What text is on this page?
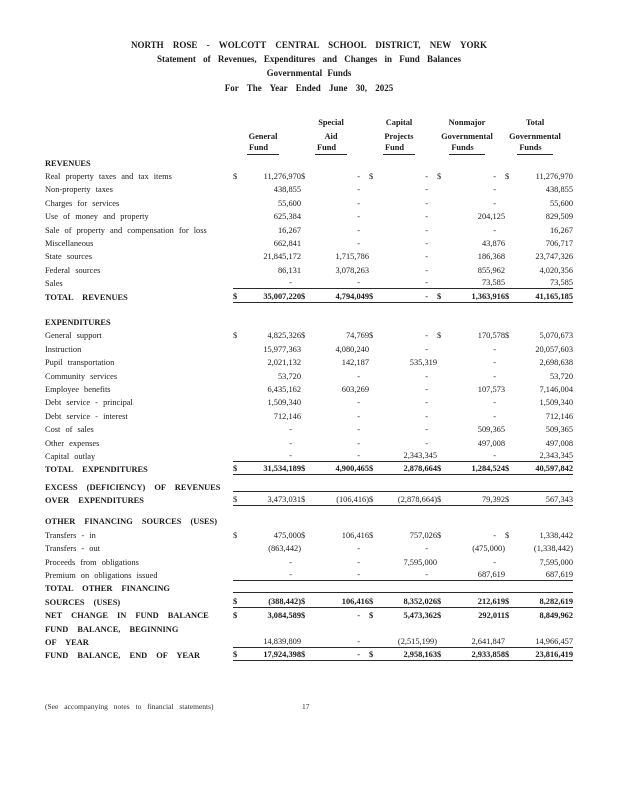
NORTH ROSE - WOLCOTT CENTRAL SCHOOL DISTRICT, NEW YORK
Statement of Revenues, Expenditures and Changes in Fund Balances
Governmental Funds
For The Year Ended June 30, 2025
		Special	Capital	Nonmajor	Total
	General	Aid	Projects	Governmental	Governmental
	Fund	Fund	Fund	Funds	Funds
REVENUES	

Real property taxes and tax items	$ 11,276,970	$ -	$ -	$ -	$ 11,276,970

Non-property taxes	438,855	-	-	-	438,855

Charges for services	55,600	-	-	-	55,600

Use of money and property	625,384	-	-	204,125	829,509

Sale of property and compensation for loss	16,267	-	-	-	16,267

Miscellaneous	662,841	-	-	43,876	706,717

State sources	21,845,172	1,715,786	-	186,368	23,747,326

Federal sources	86,131	3,078,263	-	855,962	4,020,356

Sales	-	-	-	73,585	73,585

TOTAL REVENUES	$ 35,007,220	$ 4,794,049	$ -	$ 1,363,916	$ 41,165,185

EXPENDITURES	

General support	$ 4,825,326	$ 74,769	$ -	$ 170,578	$ 5,070,673

Instruction	15,977,363	4,080,240	-	-	20,057,603

Pupil transportation	2,021,132	142,187	535,319	-	2,698,638

Community services	53,720	-	-	-	53,720

Employee benefits	6,435,162	603,269	-	107,573	7,146,004

Debt service - principal	1,509,340	-	-	-	1,509,340

Debt service - interest	712,146	-	-	-	712,146

Cost of sales	-	-	-	509,365	509,365

Other expenses	-	-	-	497,008	497,008

Capital outlay	-	-	2,343,345	-	2,343,345

TOTAL EXPENDITURES	$ 31,534,189	$ 4,900,465	$ 2,878,664	$ 1,284,524	$ 40,597,842

EXCESS (DEFICIENCY) OF REVENUES	

OVER EXPENDITURES	$ 3,473,031	$ (106,416)	$ (2,878,664)	$ 79,392	$ 567,343

OTHER FINANCING SOURCES (USES)	

Transfers - in	$ 475,000	$ 106,416	$ 757,026	$ -	$ 1,338,442

Transfers - out	(863,442)	-	-	(475,000)	(1,338,442)

Proceeds from obligations	-	-	7,595,000	-	7,595,000

Premium on obligations issued	-	-	-	687,619	687,619

TOTAL OTHER FINANCING	

SOURCES (USES)	$ (388,442)	$ 106,416	$ 8,352,026	$ 212,619	$ 8,282,619

NET CHANGE IN FUND BALANCE	$ 3,084,589	$ -	$ 5,473,362	$ 292,011	$ 8,849,962

FUND BALANCE, BEGINNING	

OF YEAR	14,839,809	-	(2,515,199)	2,641,847	14,966,457

FUND BALANCE, END OF YEAR	$ 17,924,398	$ -	$ 2,958,163	$ 2,933,858	$ 23,816,419
(See accompanying notes to financial statements)	17
